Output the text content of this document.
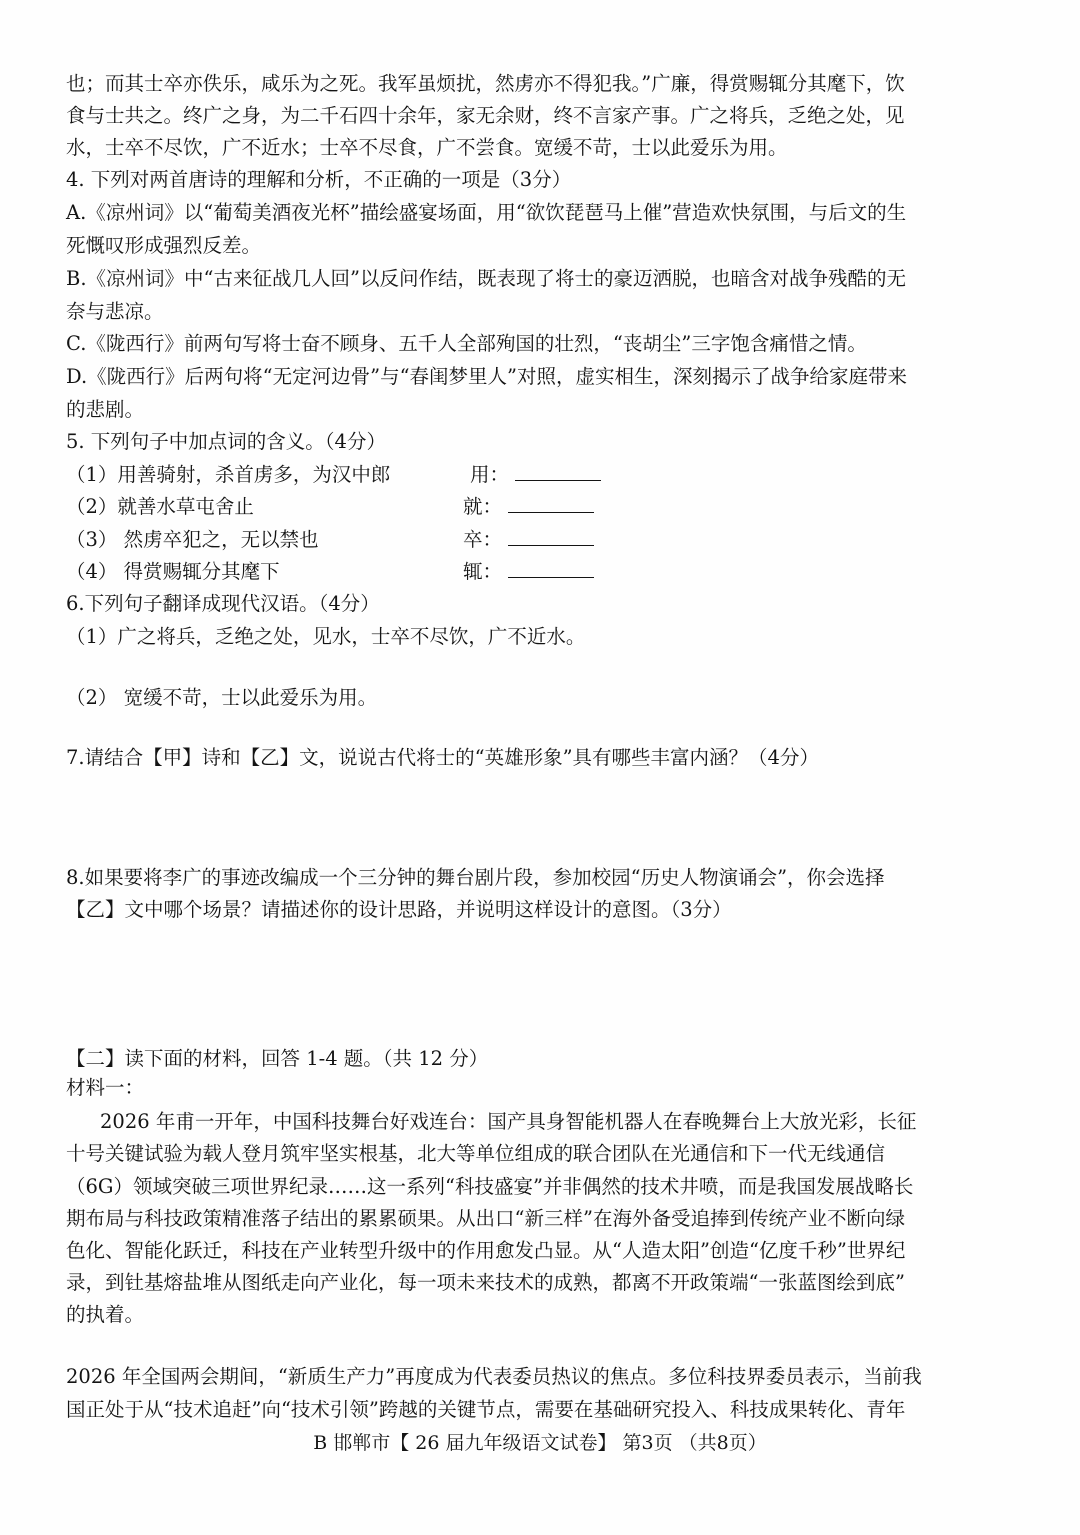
也；而其士卒亦佚乐，咸乐为之死。我军虽烦扰，然虏亦不得犯我。”广廉，得赏赐辄分其麾下，饮
食与士共之。终广之身，为二千石四十余年，家无余财，终不言家产事。广之将兵，乏绝之处，见
水，士卒不尽饮，广不近水；士卒不尽食，广不尝食。宽缓不苛，士以此爱乐为用。
4. 下列对两首唐诗的理解和分析，不正确的一项是（3分）
A.《凉州词》以“葡萄美酒夜光杯”描绘盛宴场面，用“欲饮琵琶马上催”营造欢快氛围，与后文的生
死慨叹形成强烈反差。
B.《凉州词》中“古来征战几人回”以反问作结，既表现了将士的豪迈洒脱，也暗含对战争残酷的无
奈与悲凉。
C.《陇西行》前两句写将士奋不顾身、五千人全部殉国的壮烈，“丧胡尘”三字饱含痛惜之情。
D.《陇西行》后两句将“无定河边骨”与“春闺梦里人”对照，虚实相生，深刻揭示了战争给家庭带来
的悲剧。
5. 下列句子中加点词的含义。（4分）
（1）用善骑射，杀首虏多，为汉中郎	用：
（2）就善水草屯舍止	就：
（3） 然虏卒犯之，无以禁也	卒：
（4） 得赏赐辄分其麾下	辄：
6.下列句子翻译成现代汉语。（4分）
（1）广之将兵，乏绝之处，见水，士卒不尽饮，广不近水。
（2） 宽缓不苛，士以此爱乐为用。
7.请结合【甲】诗和【乙】文，说说古代将士的“英雄形象”具有哪些丰富内涵？（4分）
8.如果要将李广的事迹改编成一个三分钟的舞台剧片段，参加校园“历史人物演诵会”，你会选择
【乙】文中哪个场景？请描述你的设计思路，并说明这样设计的意图。（3分）
【二】读下面的材料，回答 1-4 题。（共 12 分）
材料一：
2026 年甫一开年，中国科技舞台好戏连台：国产具身智能机器人在春晚舞台上大放光彩，长征
十号关键试验为载人登月筑牢坚实根基，北大等单位组成的联合团队在光通信和下一代无线通信
（6G）领域突破三项世界纪录……这一系列“科技盛宴”并非偶然的技术井喷，而是我国发展战略长
期布局与科技政策精准落子结出的累累硕果。从出口“新三样”在海外备受追捧到传统产业不断向绿
色化、智能化跃迁，科技在产业转型升级中的作用愈发凸显。从“人造太阳”创造“亿度千秒”世界纪
录，到钍基熔盐堆从图纸走向产业化，每一项未来技术的成熟，都离不开政策端“一张蓝图绘到底”
的执着。
2026 年全国两会期间，“新质生产力”再度成为代表委员热议的焦点。多位科技界委员表示，当前我
国正处于从“技术追赶”向“技术引领”跨越的关键节点，需要在基础研究投入、科技成果转化、青年
B 邯郸市【 26 届九年级语文试卷】 第3页 （共8页）
